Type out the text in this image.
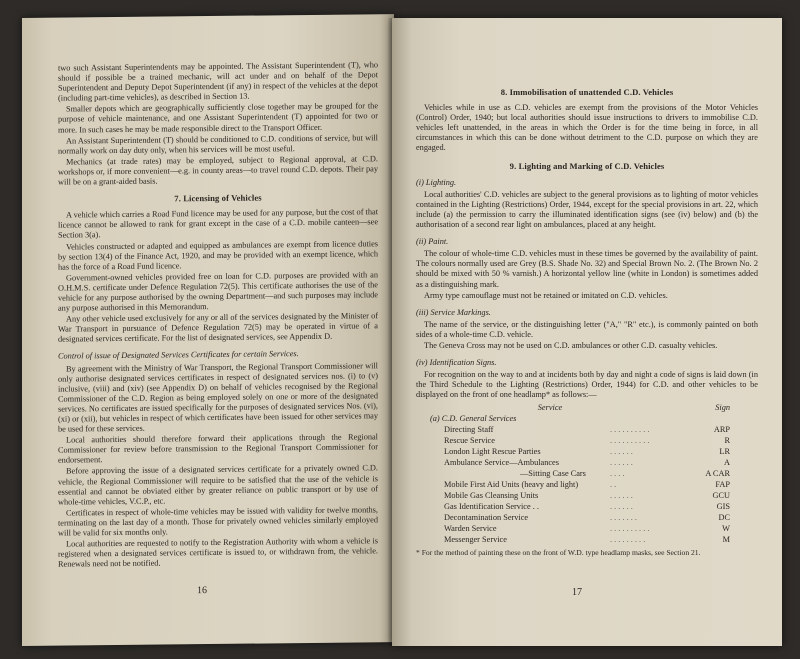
two such Assistant Superintendents may be appointed. The Assistant Superintendent (T), who should if possible be a trained mechanic, will act under and on behalf of the Depot Superintendent and Deputy Depot Superintendent (if any) in respect of the vehicles at the depot (including part-time vehicles), as described in Section 13.

Smaller depots which are geographically sufficiently close together may be grouped for the purpose of vehicle maintenance, and one Assistant Superintendent (T) appointed for two or more. In such cases he may be made responsible direct to the Transport Officer.

An Assistant Superintendent (T) should be conditioned to C.D. conditions of service, but will normally work on day duty only, when his services will be most useful.

Mechanics (at trade rates) may be employed, subject to Regional approval, at C.D. workshops or, if more convenient—e.g. in county areas—to travel round C.D. depots. Their pay will be on a grant-aided basis.

7. Licensing of Vehicles

A vehicle which carries a Road Fund licence may be used for any purpose, but the cost of that licence cannot be allowed to rank for grant except in the case of a C.D. mobile canteen—see Section 3(a).

Vehicles constructed or adapted and equipped as ambulances are exempt from licence duties by section 13(4) of the Finance Act, 1920, and may be provided with an exempt licence, which has the force of a Road Fund licence.

Government-owned vehicles provided free on loan for C.D. purposes are provided with an O.H.M.S. certificate under Defence Regulation 72(5). This certificate authorises the use of the vehicle for any purpose authorised by the owning Department—and such purposes may include any purpose authorised in this Memorandum.

Any other vehicle used exclusively for any or all of the services designated by the Minister of War Transport in pursuance of Defence Regulation 72(5) may be operated in virtue of a designated services certificate. For the list of designated services, see Appendix D.

Control of issue of Designated Services Certificates for certain Services.

By agreement with the Ministry of War Transport, the Regional Transport Commissioner will only authorise designated services certificates in respect of designated services nos. (i) to (v) inclusive, (viii) and (xiv) (see Appendix D) on behalf of vehicles recognised by the Regional Commissioner of the C.D. Region as being employed solely on one or more of the designated services. No certificates are issued specifically for the purposes of designated services Nos. (vi), (xi) or (xii), but vehicles in respect of which certificates have been issued for other services may be used for these services.

Local authorities should therefore forward their applications through the Regional Commissioner for review before transmission to the Regional Transport Commissioner for endorsement.

Before approving the issue of a designated services certificate for a privately owned C.D. vehicle, the Regional Commissioner will require to be satisfied that the use of the vehicle is essential and cannot be obviated either by greater reliance on public transport or by use of whole-time vehicles, V.C.P., etc.

Certificates in respect of whole-time vehicles may be issued with validity for twelve months, terminating on the last day of a month. Those for privately owned vehicles similarly employed will be valid for six months only.

Local authorities are requested to notify to the Registration Authority with whom a vehicle is registered when a designated services certificate is issued to, or withdrawn from, the vehicle. Renewals need not be notified.

16
8. Immobilisation of unattended C.D. Vehicles

Vehicles while in use as C.D. vehicles are exempt from the provisions of the Motor Vehicles (Control) Order, 1940; but local authorities should issue instructions to drivers to immobilise C.D. vehicles left unattended, in the areas in which the Order is for the time being in force, in all circumstances in which this can be done without detriment to the C.D. purpose on which they are engaged.

9. Lighting and Marking of C.D. Vehicles

(i) Lighting.

Local authorities' C.D. vehicles are subject to the general provisions as to lighting of motor vehicles contained in the Lighting (Restrictions) Order, 1944, except for the special provisions in art. 22, which include (a) the permission to carry the illuminated identification signs (see (iv) below) and (b) the authorisation of a second rear light on ambulances, placed at any height.

(ii) Paint.

The colour of whole-time C.D. vehicles must in these times be governed by the availability of paint. The colours normally used are Grey (B.S. Shade No. 32) and Special Brown No. 2. (The Brown No. 2 should be mixed with 50 % varnish.) A horizontal yellow line (white in London) is sometimes added as a distinguishing mark.

Army type camouflage must not be retained or imitated on C.D. vehicles.

(iii) Service Markings.

The name of the service, or the distinguishing letter ("A," "R" etc.), is commonly painted on both sides of a whole-time C.D. vehicle.

The Geneva Cross may not be used on C.D. ambulances or other C.D. casualty vehicles.

(iv) Identification Signs.

For recognition on the way to and at incidents both by day and night a code of signs is laid down (in the Third Schedule to the Lighting (Restrictions) Order, 1944) for C.D. and other vehicles to be displayed on the front of one headlamp* as follows:—

Service		Sign
(a) C.D. General Services		
Directing Staff	. . . . . . . . . .	ARP
Rescue Service	. . . . . . . . . .	R
London Light Rescue Parties	. . . . . .	LR
Ambulance Service—Ambulances	. . . . . .	A
—Sitting Case Cars	. . . .	A CAR
Mobile First Aid Units (heavy and light)	. .	FAP
Mobile Gas Cleansing Units	. . . . . .	GCU
Gas Identification Service . .	. . . . . .	GIS
Decontamination Service	. . . . . . .	DC
Warden Service	. . . . . . . . . .	W
Messenger Service	. . . . . . . . .	M

* For the method of painting these on the front of W.D. type headlamp masks, see Section 21.

17
